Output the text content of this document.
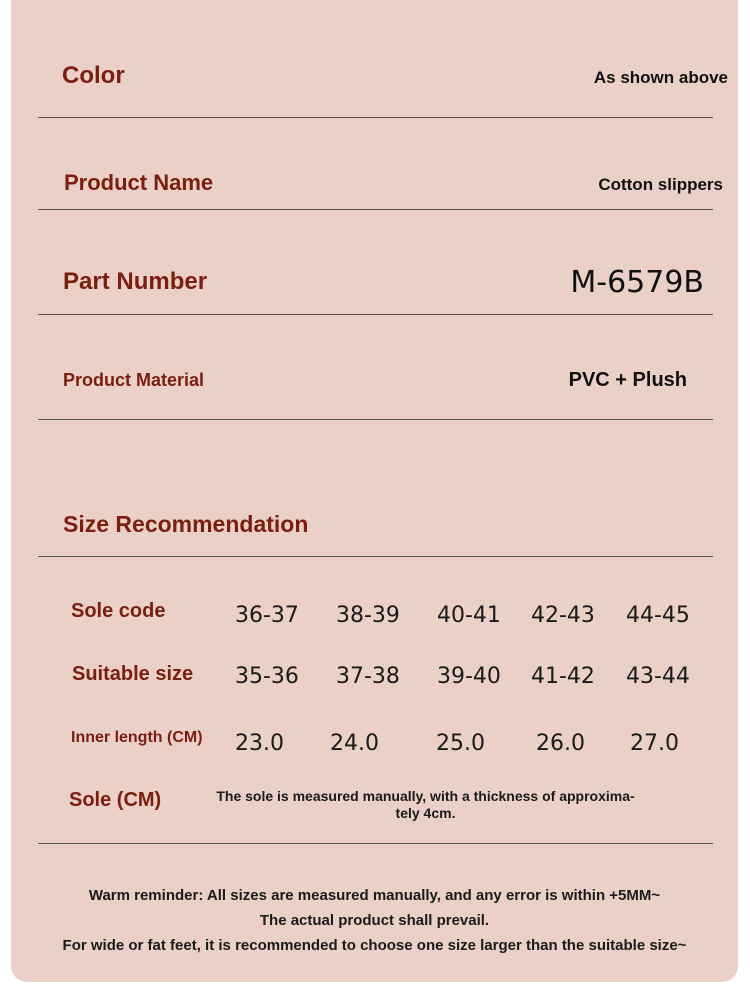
Color	As shown above
Product Name	Cotton slippers
Part Number	M-6579B
Product Material	PVC + Plush
Size Recommendation
Sole code	36-37 38-39 40-41 42-43 44-45
Suitable size 35-36 37-38 39-40 41-42 43-44
Inner length (CM) 23.0 24.0	25.0 26.0 27.0
Sole (CM)	The sole is measured manually, with a thickness of approxima-
tely 4cm.
Warm reminder: All sizes are measured manually, and any error is within +5MM~
The actual product shall prevail.
For wide or fat feet, it is recommended to choose one size larger than the suitable size~
